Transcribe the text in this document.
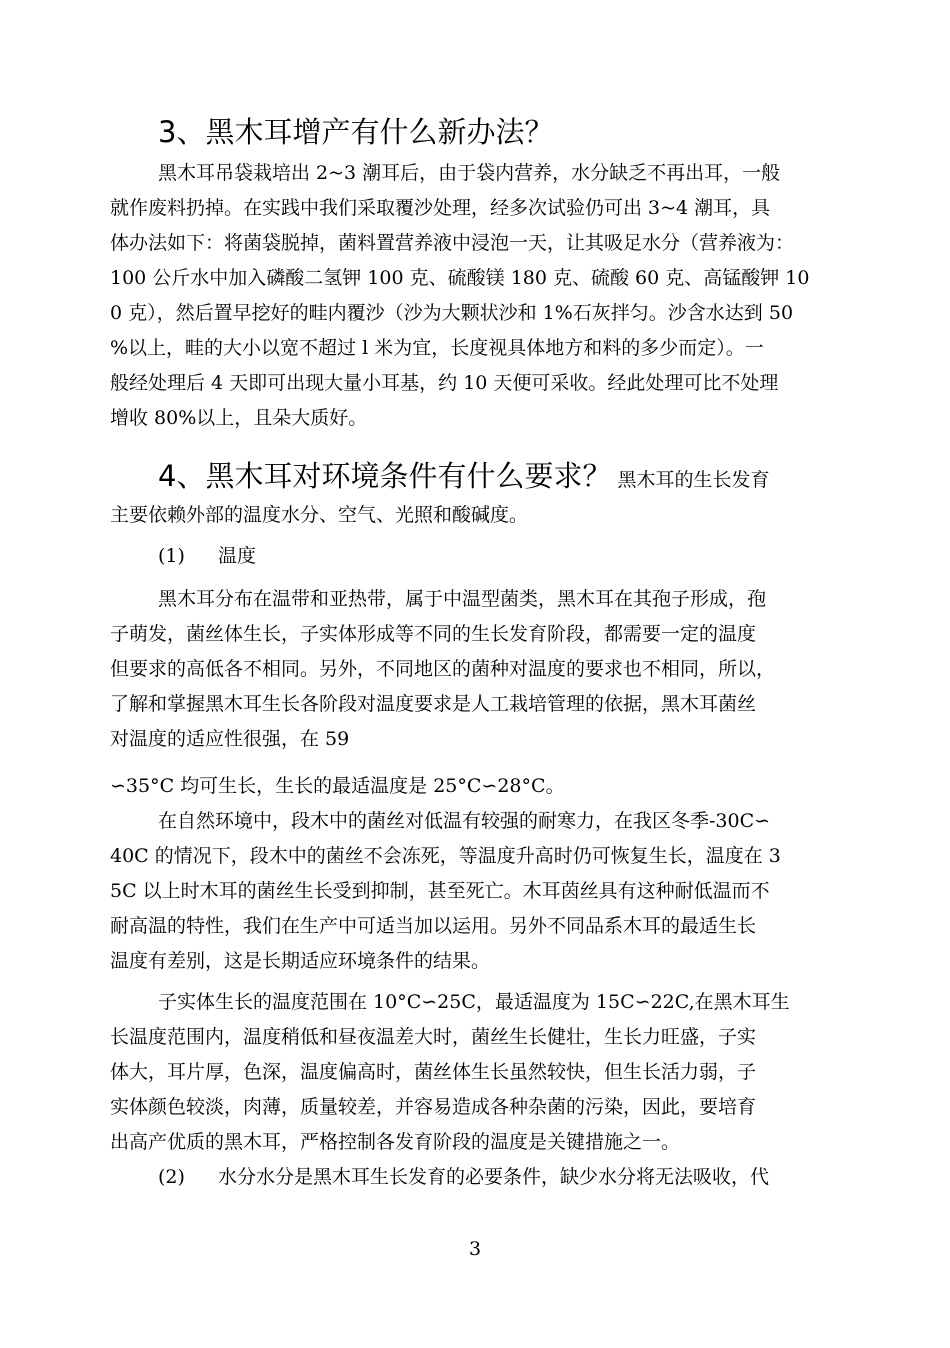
3、黑木耳增产有什么新办法？
黑木耳吊袋栽培出 2~3 潮耳后，由于袋内营养，水分缺乏不再出耳，一般
就作废料扔掉。在实践中我们采取覆沙处理，经多次试验仍可出 3~4 潮耳，具
体办法如下：将菌袋脱掉，菌料置营养液中浸泡一天，让其吸足水分（营养液为：
100 公斤水中加入磷酸二氢钾 100 克、硫酸镁 180 克、硫酸 60 克、高锰酸钾 10
0 克），然后置早挖好的畦内覆沙（沙为大颗状沙和 1%石灰拌匀。沙含水达到 50
%以上，畦的大小以宽不超过 l 米为宜，长度视具体地方和料的多少而定）。一
般经处理后 4 天即可出现大量小耳基，约 10 天便可采收。经此处理可比不处理
增收 80%以上，且朵大质好。
4、黑木耳对环境条件有什么要求？ 黑木耳的生长发育
主要依赖外部的温度水分、空气、光照和酸碱度。
(1) 温度
黑木耳分布在温带和亚热带，属于中温型菌类，黑木耳在其孢子形成，孢
子萌发，菌丝体生长，子实体形成等不同的生长发育阶段，都需要一定的温度
但要求的高低各不相同。另外，不同地区的菌种对温度的要求也不相同，所以，
了解和掌握黑木耳生长各阶段对温度要求是人工栽培管理的依据，黑木耳菌丝
对温度的适应性很强，在 59
∽35°C 均可生长，生长的最适温度是 25°C∽28°C。
在自然环境中，段木中的菌丝对低温有较强的耐寒力，在我区冬季-30C∽
40C 的情况下，段木中的菌丝不会冻死，等温度升高时仍可恢复生长，温度在 3
5C 以上时木耳的菌丝生长受到抑制，甚至死亡。木耳茵丝具有这种耐低温而不
耐高温的特性，我们在生产中可适当加以运用。另外不同品系木耳的最适生长
温度有差别，这是长期适应环境条件的结果。
子实体生长的温度范围在 10°C∽25C，最适温度为 15C∽22C,在黑木耳生
长温度范围内，温度稍低和昼夜温差大时，菌丝生长健壮，生长力旺盛，子实
体大，耳片厚，色深，温度偏高时，菌丝体生长虽然较快，但生长活力弱，子
实体颜色较淡，肉薄，质量较差，并容易造成各种杂菌的污染，因此，要培育
出高产优质的黑木耳，严格控制各发育阶段的温度是关键措施之一。
(2) 水分水分是黑木耳生长发育的必要条件，缺少水分将无法吸收，代
3
